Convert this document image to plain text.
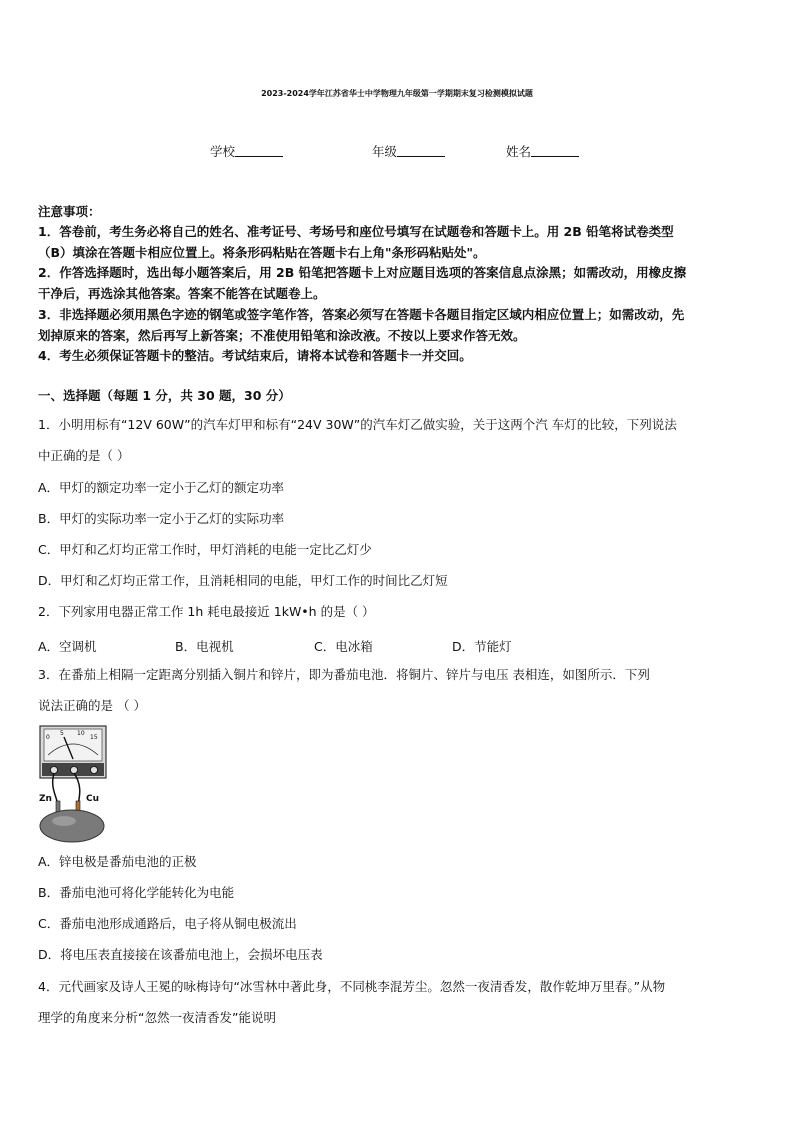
2023-2024学年江苏省华士中学物理九年级第一学期期末复习检测模拟试题
学校	年级	姓名
注意事项：
1．答卷前，考生务必将自己的姓名、准考证号、考场号和座位号填写在试题卷和答题卡上。用 2B 铅笔将试卷类型
（B）填涂在答题卡相应位置上。将条形码粘贴在答题卡右上角"条形码粘贴处"。
2．作答选择题时，选出每小题答案后，用 2B 铅笔把答题卡上对应题目选项的答案信息点涂黑；如需改动，用橡皮擦
干净后，再选涂其他答案。答案不能答在试题卷上。
3．非选择题必须用黑色字迹的钢笔或签字笔作答，答案必须写在答题卡各题目指定区域内相应位置上；如需改动，先
划掉原来的答案，然后再写上新答案；不准使用铅笔和涂改液。不按以上要求作答无效。
4．考生必须保证答题卡的整洁。考试结束后，请将本试卷和答题卡一并交回。
一、选择题（每题 1 分，共 30 题，30 分）
1．小明用标有“12V 60W”的汽车灯甲和标有“24V 30W”的汽车灯乙做实验，关于这两个汽 车灯的比较，下列说法
中正确的是（ ）
A．甲灯的额定功率一定小于乙灯的额定功率
B．甲灯的实际功率一定小于乙灯的实际功率
C．甲灯和乙灯均正常工作时，甲灯消耗的电能一定比乙灯少
D．甲灯和乙灯均正常工作，且消耗相同的电能，甲灯工作的时间比乙灯短
2．下列家用电器正常工作 1h 耗电最接近 1kW•h 的是（ ）
A．空调机	B．电视机	C．电冰箱	D．节能灯
3．在番茄上相隔一定距离分别插入铜片和锌片，即为番茄电池．将铜片、锌片与电压 表相连，如图所示．下列
说法正确的是 （ ）
0
5 10
15
Zn	Cu
A．锌电极是番茄电池的正极
B．番茄电池可将化学能转化为电能
C．番茄电池形成通路后，电子将从铜电极流出
D．将电压表直接接在该番茄电池上，会损坏电压表
4．元代画家及诗人王冕的咏梅诗句“冰雪林中著此身，不同桃李混芳尘。忽然一夜清香发，散作乾坤万里春。”从物
理学的角度来分析“忽然一夜清香发”能说明
